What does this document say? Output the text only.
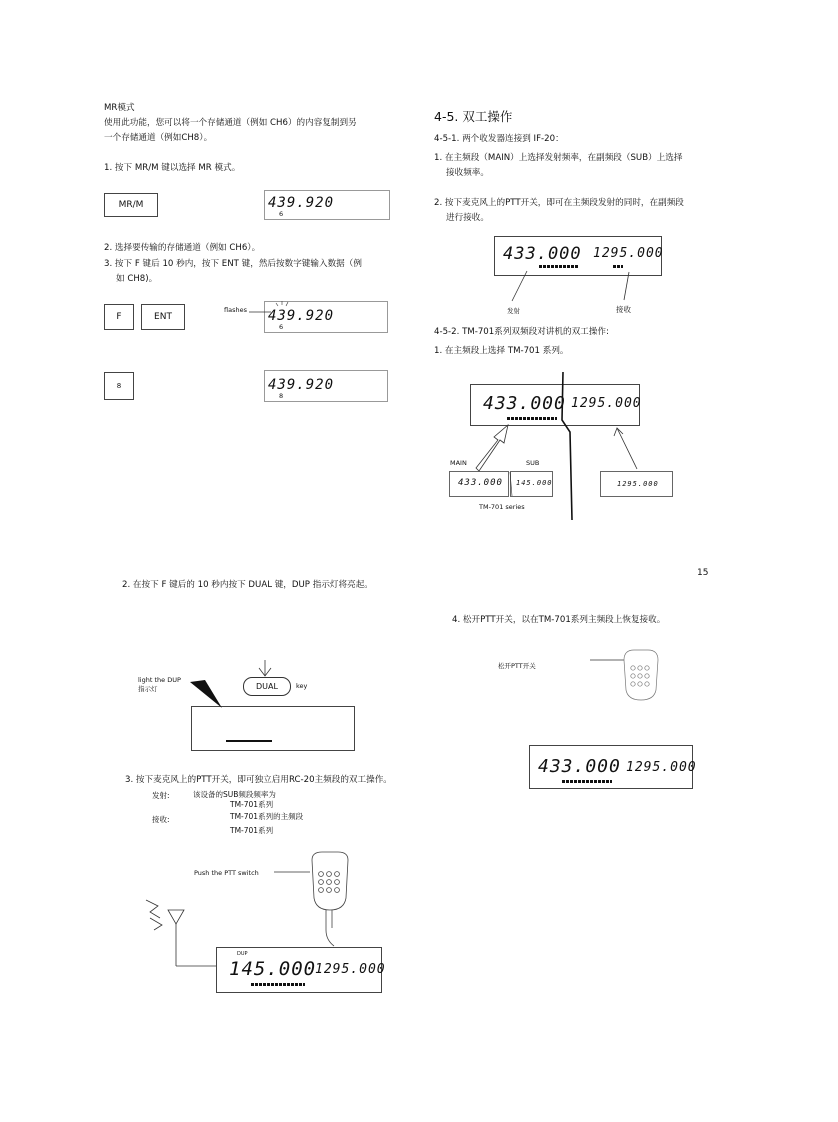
MR模式
使用此功能，您可以将一个存储通道（例如 CH6）的内容复制到另
一个存储通道（例如CH8）。
1. 按下 MR/M 键以选择 MR 模式。
MR/M	439.920
6
2. 选择要传输的存储通道（例如 CH6）。
3. 按下 F 键后 10 秒内，按下 ENT 键，然后按数字键输入数据（例
如 CH8)。
F	ENT
flashes 439.920
6
8	439.920
8
4-5. 双工操作
4-5-1. 两个收发器连接到 IF-20：
1. 在主频段（MAIN）上选择发射频率，在副频段（SUB）上选择
接收频率。
2. 按下麦克风上的PTT开关，即可在主频段发射的同时，在副频段
进行接收。
433.000 1295.000
发射	接收
4-5-2. TM-701系列双频段对讲机的双工操作:
1. 在主频段上选择 TM-701 系列。
433.000 1295.000
MAIN	SUB
433.000 145.000	1295.000
TM-701 series
15
2. 在按下 F 键后的 10 秒内按下 DUAL 键，DUP 指示灯将亮起。
light the DUP
指示灯	DUAL	key
3. 按下麦克风上的PTT开关，即可独立启用RC-20主频段的双工操作。
发射:	该设备的SUB频段频率为
TM-701系列
接收:	TM-701系列的主频段
TM-701系列
Push the PTT switch
DUP
145.000
1295.000
4. 松开PTT开关，以在TM-701系列主频段上恢复接收。
松开PTT开关
433.000 1295.000
